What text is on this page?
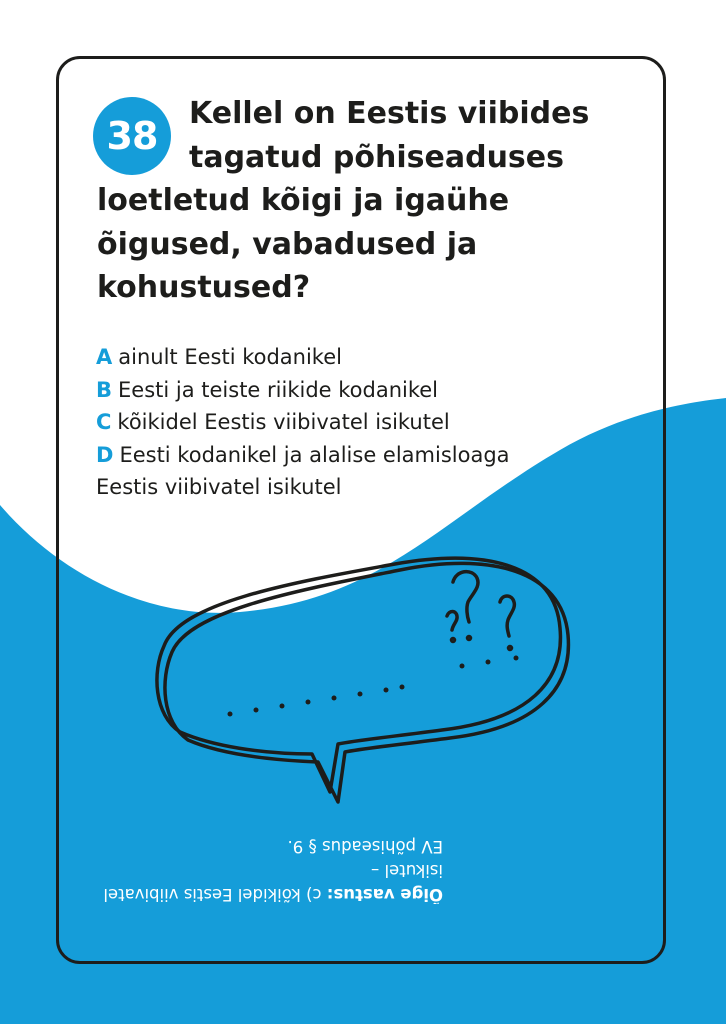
38
Kellel on Eestis viibides
tagatud põhiseaduses
loetletud kõigi ja igaühe
õigused, vabadused ja
kohustused?

A ainult Eesti kodanikel

B Eesti ja teiste riikide kodanikel

C kõikidel Eestis viibivatel isikutel

D Eesti kodanikel ja alalise elamisloaga Eestis viibivatel isikutel

Õige vastus: c) kõikidel Eestis viibivatel isikutel –

EV põhiseadus § 9.
